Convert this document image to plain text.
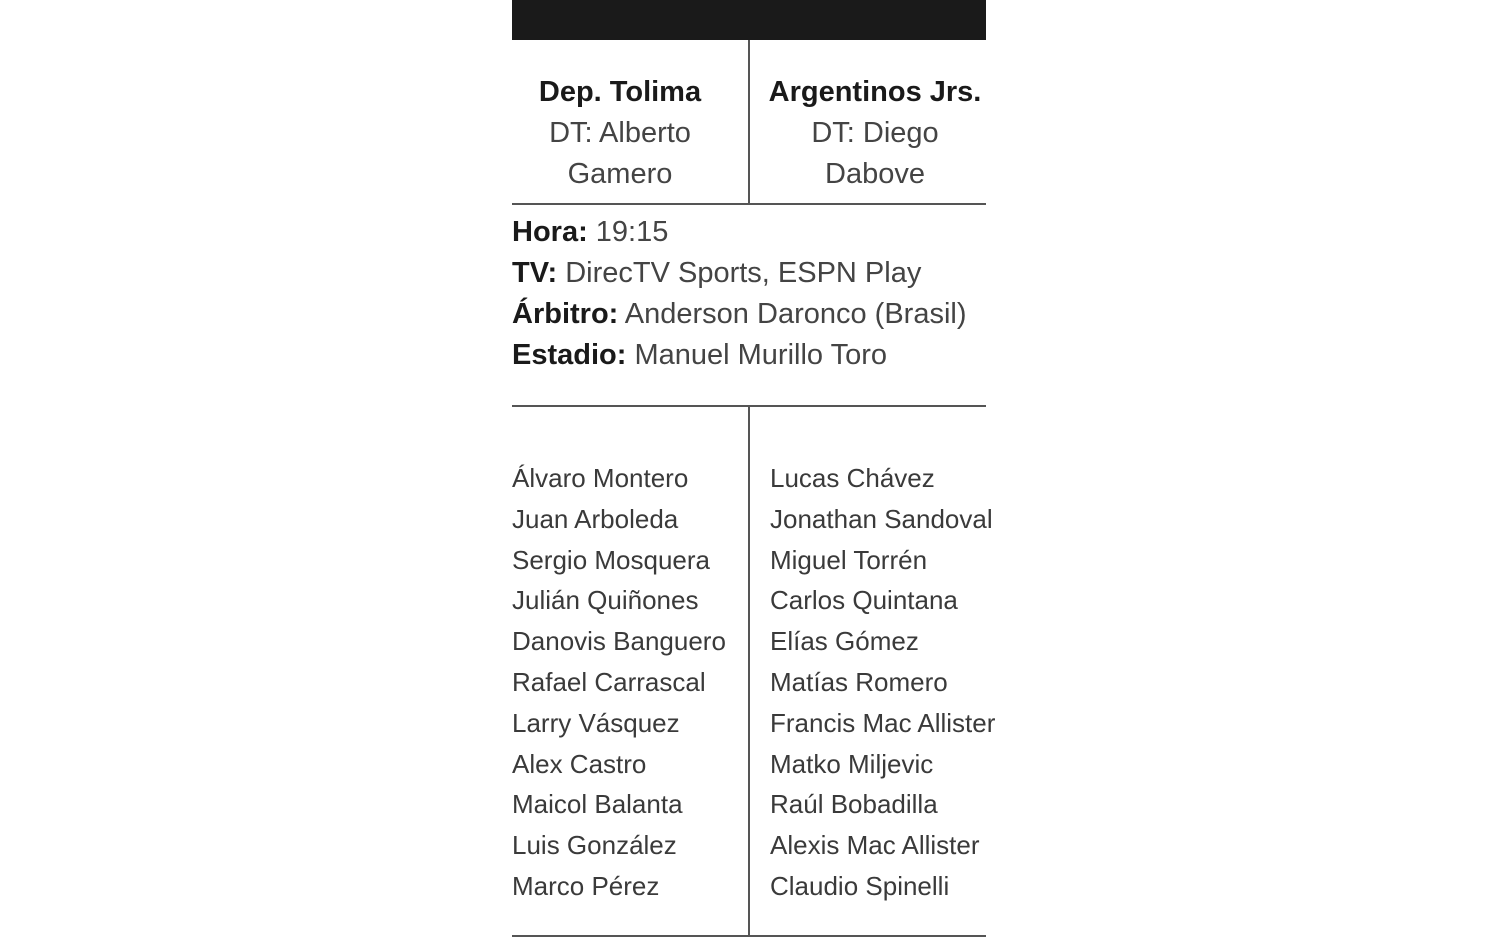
Dep. Tolima
DT: Alberto
Gamero
Argentinos Jrs.
DT: Diego
Dabove
Hora: 19:15
TV: DirecTV Sports, ESPN Play
Árbitro: Anderson Daronco (Brasil)
Estadio: Manuel Murillo Toro
Álvaro Montero
Juan Arboleda
Sergio Mosquera
Julián Quiñones
Danovis Banguero
Rafael Carrascal
Larry Vásquez
Alex Castro
Maicol Balanta
Luis González
Marco Pérez
Lucas Chávez
Jonathan Sandoval
Miguel Torrén
Carlos Quintana
Elías Gómez
Matías Romero
Francis Mac Allister
Matko Miljevic
Raúl Bobadilla
Alexis Mac Allister
Claudio Spinelli
